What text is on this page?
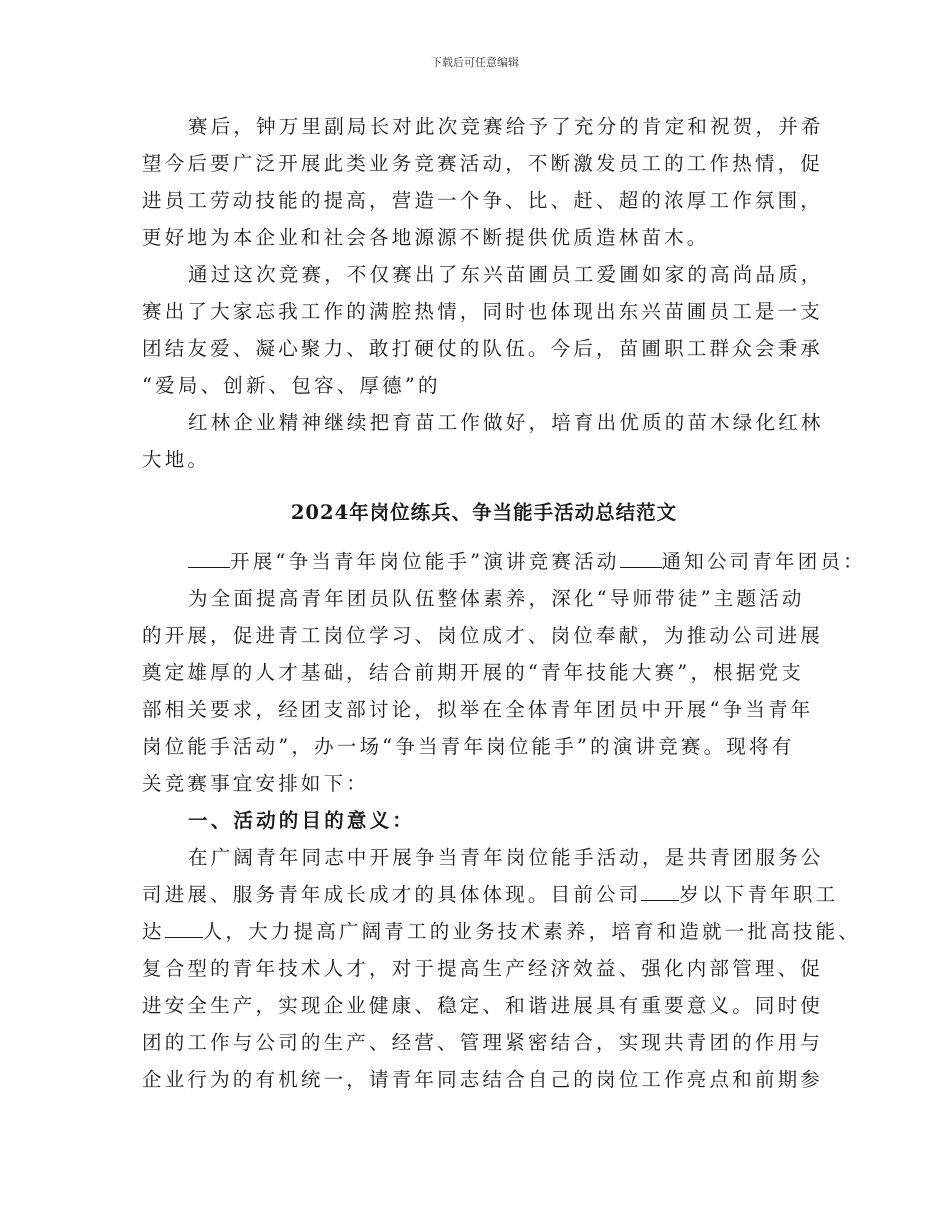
下载后可任意编辑
赛后，钟万里副局长对此次竞赛给予了充分的肯定和祝贺，并希
望今后要广泛开展此类业务竞赛活动，不断激发员工的工作热情，促
进员工劳动技能的提高，营造一个争、比、赶、超的浓厚工作氛围，
更好地为本企业和社会各地源源不断提供优质造林苗木。
通过这次竞赛，不仅赛出了东兴苗圃员工爱圃如家的高尚品质，
赛出了大家忘我工作的满腔热情，同时也体现出东兴苗圃员工是一支
团结友爱、凝心聚力、敢打硬仗的队伍。今后，苗圃职工群众会秉承
“爱局、创新、包容、厚德”的
红林企业精神继续把育苗工作做好，培育出优质的苗木绿化红林
大地。
2024年岗位练兵、争当能手活动总结范文
开展“争当青年岗位能手”演讲竞赛活动 通知公司青年团员：
为全面提高青年团员队伍整体素养，深化“导师带徒”主题活动
的开展，促进青工岗位学习、岗位成才、岗位奉献，为推动公司进展
奠定雄厚的人才基础，结合前期开展的“青年技能大赛”，根据党支
部相关要求，经团支部讨论，拟举在全体青年团员中开展“争当青年
岗位能手活动”，办一场“争当青年岗位能手”的演讲竞赛。现将有
关竞赛事宜安排如下：
一、活动的目的意义：
在广阔青年同志中开展争当青年岗位能手活动，是共青团服务公
司进展、服务青年成长成才的具体体现。目前公司 岁以下青年职工
达 人，大力提高广阔青工的业务技术素养，培育和造就一批高技能、
复合型的青年技术人才，对于提高生产经济效益、强化内部管理、促
进安全生产，实现企业健康、稳定、和谐进展具有重要意义。同时使
团的工作与公司的生产、经营、管理紧密结合，实现共青团的作用与
企业行为的有机统一，请青年同志结合自己的岗位工作亮点和前期参
